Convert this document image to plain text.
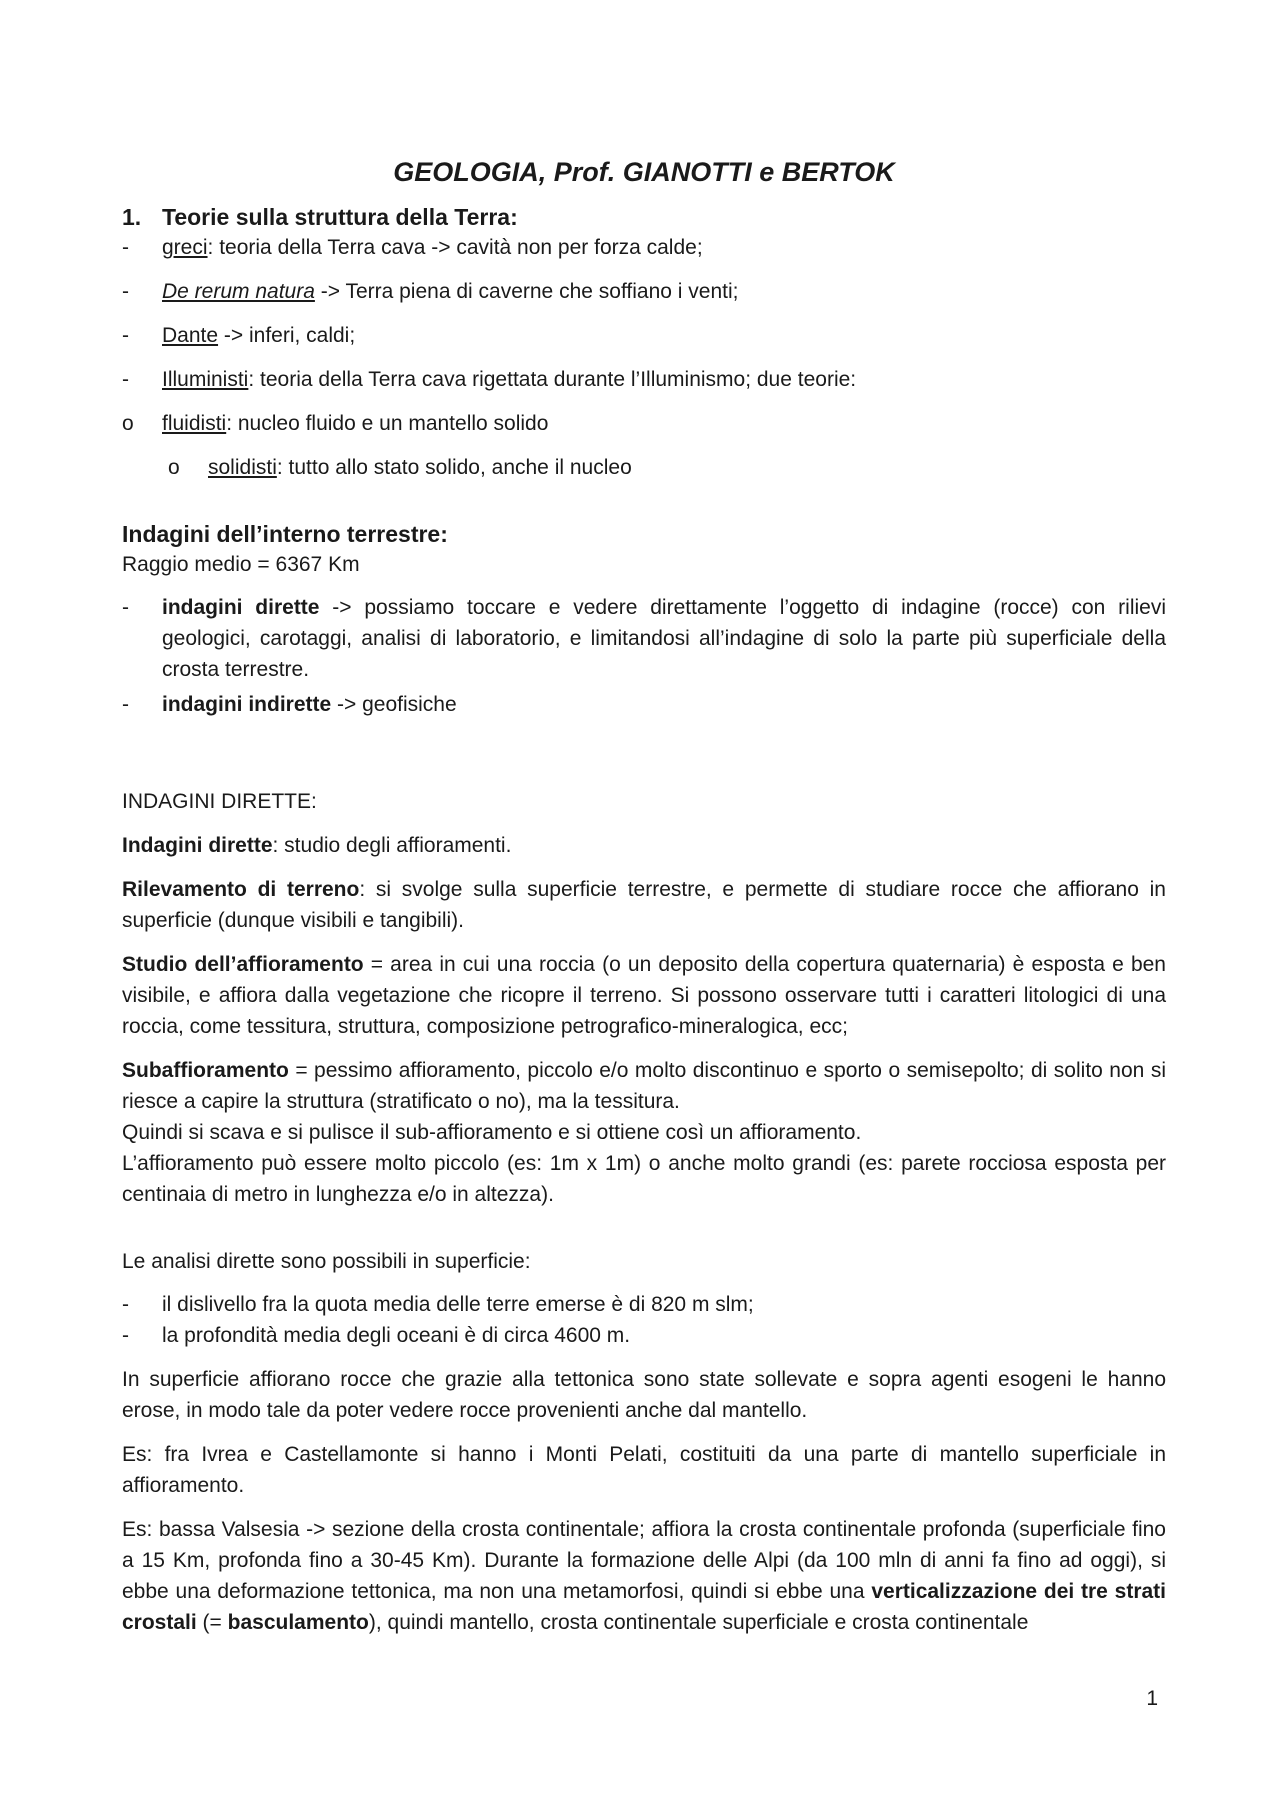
GEOLOGIA, Prof. GIANOTTI e BERTOK
1. Teorie sulla struttura della Terra:
-	greci: teoria della Terra cava -> cavità non per forza calde;
-	De rerum natura -> Terra piena di caverne che soffiano i venti;
-	Dante -> inferi, caldi;
-	Illuministi: teoria della Terra cava rigettata durante l’Illuminismo; due teorie:
o	fluidisti: nucleo fluido e un mantello solido
o	solidisti: tutto allo stato solido, anche il nucleo
Indagini dell’interno terrestre:

Raggio medio = 6367 Km

-	indagini dirette -> possiamo toccare e vedere direttamente l’oggetto di indagine (rocce) con rilievi geologici, carotaggi, analisi di laboratorio, e limitandosi all’indagine di solo la parte più superficiale della crosta terrestre.
-	indagini indirette -> geofisiche

INDAGINI DIRETTE:

Indagini dirette: studio degli affioramenti.

Rilevamento di terreno: si svolge sulla superficie terrestre, e permette di studiare rocce che affiorano in superficie (dunque visibili e tangibili).

Studio dell’affioramento = area in cui una roccia (o un deposito della copertura quaternaria) è esposta e ben visibile, e affiora dalla vegetazione che ricopre il terreno. Si possono osservare tutti i caratteri litologici di una roccia, come tessitura, struttura, composizione petrografico-mineralogica, ecc;

Subaffioramento = pessimo affioramento, piccolo e/o molto discontinuo e sporto o semisepolto; di solito non si riesce a capire la struttura (stratificato o no), ma la tessitura.

Quindi si scava e si pulisce il sub-affioramento e si ottiene così un affioramento.

L’affioramento può essere molto piccolo (es: 1m x 1m) o anche molto grandi (es: parete rocciosa esposta per centinaia di metro in lunghezza e/o in altezza).

Le analisi dirette sono possibili in superficie:

-	il dislivello fra la quota media delle terre emerse è di 820 m slm;
-	la profondità media degli oceani è di circa 4600 m.

In superficie affiorano rocce che grazie alla tettonica sono state sollevate e sopra agenti esogeni le hanno erose, in modo tale da poter vedere rocce provenienti anche dal mantello.

Es: fra Ivrea e Castellamonte si hanno i Monti Pelati, costituiti da una parte di mantello superficiale in affioramento.

Es: bassa Valsesia -> sezione della crosta continentale; affiora la crosta continentale profonda (superficiale fino a 15 Km, profonda fino a 30-45 Km). Durante la formazione delle Alpi (da 100 mln di anni fa fino ad oggi), si ebbe una deformazione tettonica, ma non una metamorfosi, quindi si ebbe una verticalizzazione dei tre strati crostali (= basculamento), quindi mantello, crosta continentale superficiale e crosta continentale

1
